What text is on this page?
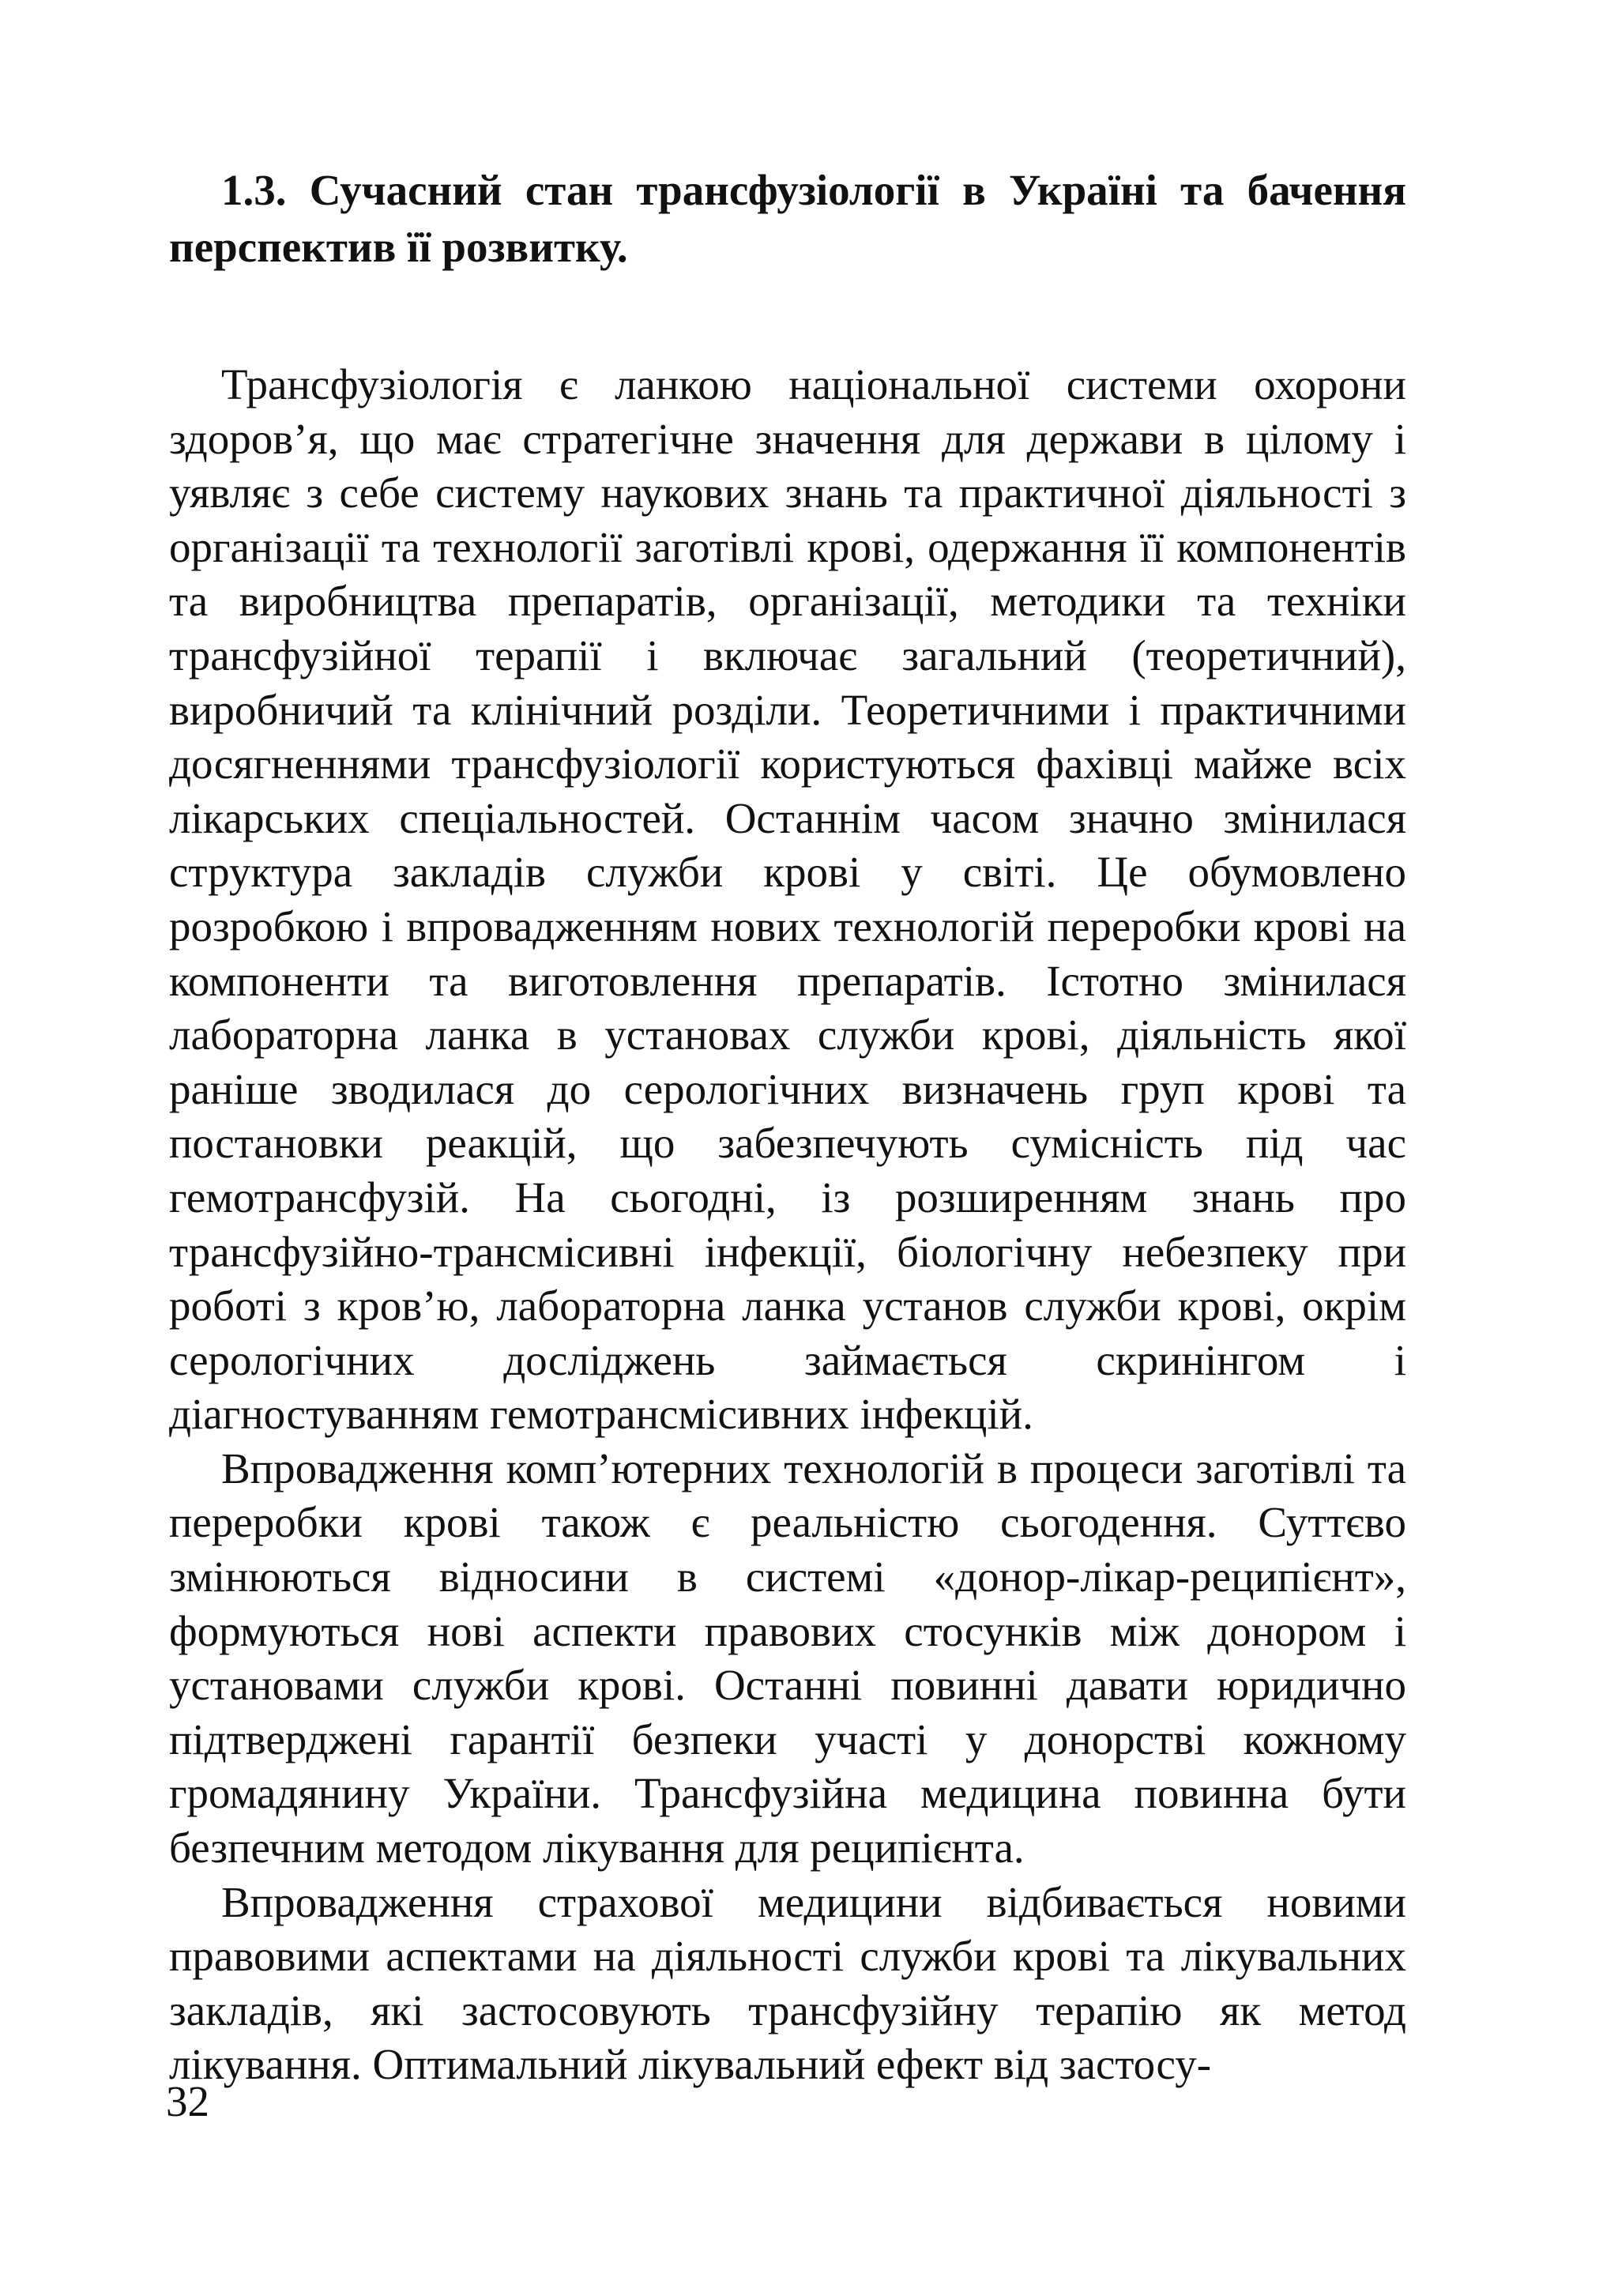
1.3. Сучасний стан трансфузіології в Україні та бачення перспектив її розвитку.

Трансфузіологія є ланкою національної системи охорони здоров’я, що має стратегічне значення для держави в цілому і уявляє з себе систему наукових знань та практичної діяльності з організації та технології заготівлі крові, одержання її компонентів та виробництва препаратів, організації, методики та техніки трансфузійної терапії і включає загальний (теоретичний), виробничий та клінічний розділи. Теоретичними і практичними досягненнями трансфузіології користуються фахівці майже всіх лікарських спеціальностей. Останнім часом значно змінилася структура закладів служби крові у світі. Це обумовлено розробкою і впровадженням нових технологій переробки крові на компоненти та виготовлення препаратів. Істотно змінилася лабораторна ланка в установах служби крові, діяльність якої раніше зводилася до серологічних визначень груп крові та постановки реакцій, що забезпечують сумісність під час гемотрансфузій. На сьогодні, із розширенням знань про трансфузійно-трансмісивні інфекції, біологічну небезпеку при роботі з кров’ю, лабораторна ланка установ служби крові, окрім серологічних досліджень займається скринінгом і діагностуванням гемотрансмісивних інфекцій.

Впровадження комп’ютерних технологій в процеси заготівлі та переробки крові також є реальністю сьогодення. Суттєво змінюються відносини в системі «донор-лікар-реципієнт», формуються нові аспекти правових стосунків між донором і установами служби крові. Останні повинні давати юридично підтверджені гарантії безпеки участі у донорстві кожному громадянину України. Трансфузійна медицина повинна бути безпечним методом лікування для реципієнта.

Впровадження страхової медицини відбивається новими правовими аспектами на діяльності служби крові та лікувальних закладів, які застосовують трансфузійну терапію як метод лікування. Оптимальний лікувальний ефект від застосу-

32
